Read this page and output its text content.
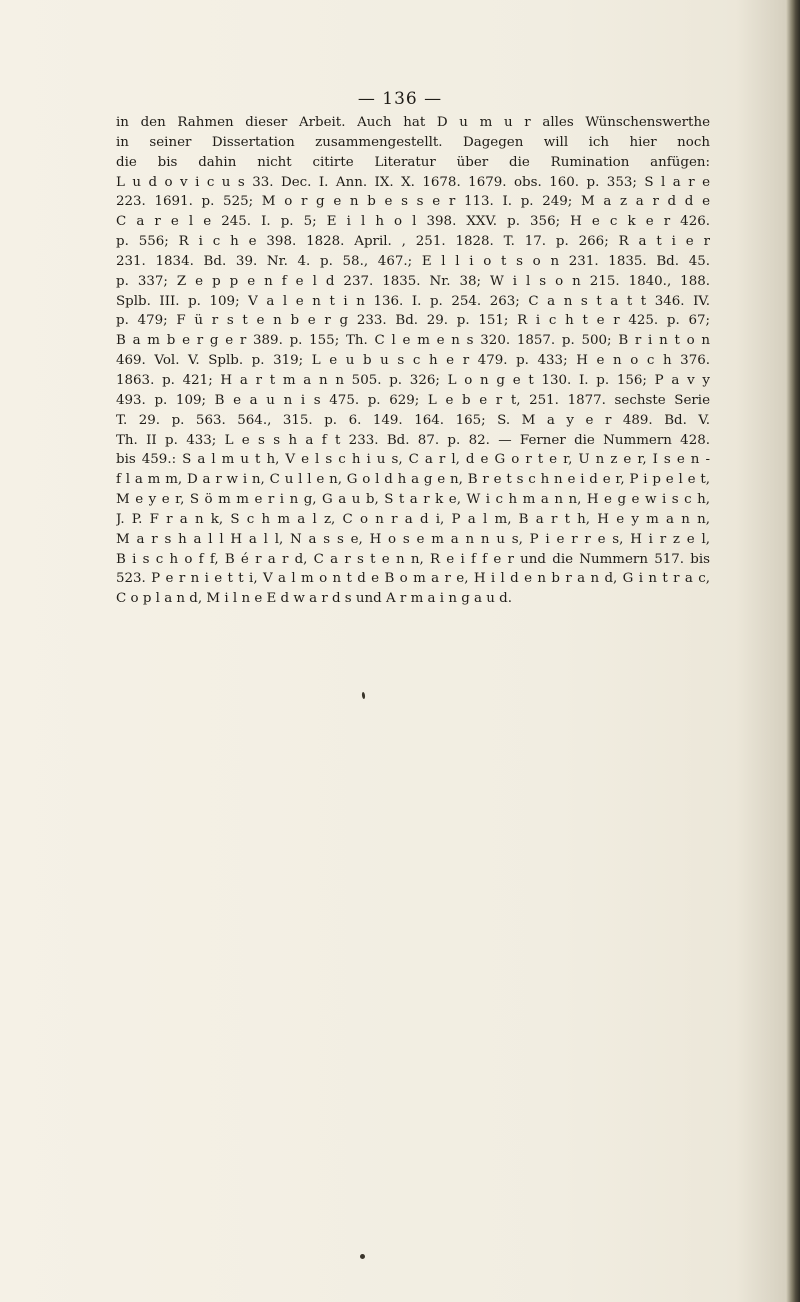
— 136 —
in den Rahmen dieser Arbeit. Auch hat D u m u r alles Wünschenswerthe
in seiner Dissertation zusammengestellt. Dagegen will ich hier noch
die bis dahin nicht citirte Literatur über die Rumination anfügen:
L u d o v i c u s 33. Dec. I. Ann. IX. X. 1678. 1679. obs. 160. p. 353; S l a r e
223. 1691. p. 525; M o r g e n b e s s e r 113. I. p. 249; M a z a r d d e
C a r e l e 245. I. p. 5; E i l h o l 398. XXV. p. 356; H e c k e r 426.
p. 556; R i c h e 398. 1828. April. , 251. 1828. T. 17. p. 266; R a t i e r
231. 1834. Bd. 39. Nr. 4. p. 58., 467.; E l l i o t s o n 231. 1835. Bd. 45.
p. 337; Z e p p e n f e l d 237. 1835. Nr. 38; W i l s o n 215. 1840., 188.
Splb. III. p. 109; V a l e n t i n 136. I. p. 254. 263; C a n s t a t t 346. IV.
p. 479; F ü r s t e n b e r g 233. Bd. 29. p. 151; R i c h t e r 425. p. 67;
B a m b e r g e r 389. p. 155; Th. C l e m e n s 320. 1857. p. 500; B r i n t o n
469. Vol. V. Splb. p. 319; L e u b u s c h e r 479. p. 433; H e n o c h 376.
1863. p. 421; H a r t m a n n 505. p. 326; L o n g e t 130. I. p. 156; P a v y
493. p. 109; B e a u n i s 475. p. 629; L e b e r t, 251. 1877. sechste Serie
T. 29. p. 563. 564., 315. p. 6. 149. 164. 165; S. M a y e r 489. Bd. V.
Th. II p. 433; L e s s h a f t 233. Bd. 87. p. 82. — Ferner die Nummern 428.
bis 459.: S a l m u t h, V e l s c h i u s, C a r l, d e G o r t e r, U n z e r, I s e n -
f l a m m, D a r w i n, C u l l e n, G o l d h a g e n, B r e t s c h n e i d e r, P i p e l e t,
M e y e r, S ö m m e r i n g, G a u b, S t a r k e, W i c h m a n n, H e g e w i s c h,
J. P. F r a n k, S c h m a l z, C o n r a d i, P a l m, B a r t h, H e y m a n n,
M a r s h a l l H a l l, N a s s e, H o s e m a n n u s, P i e r r e s, H i r z e l,
B i s c h o f f, B é r a r d, C a r s t e n n, R e i f f e r und die Nummern 517. bis
523. P e r n i e t t i, V a l m o n t d e B o m a r e, H i l d e n b r a n d, G i n t r a c,
C o p l a n d, M i l n e E d w a r d s und A r m a i n g a u d.
